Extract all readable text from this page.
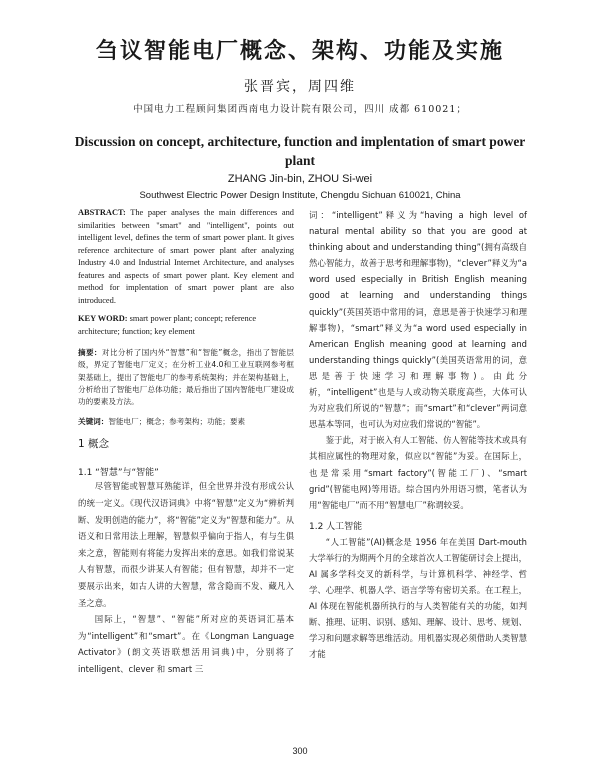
刍议智能电厂概念、架构、功能及实施
张晋宾，周四维
中国电力工程顾问集团西南电力设计院有限公司，四川 成都 610021；
Discussion on concept, architecture, function and implentation of smart power plant
ZHANG Jin-bin, ZHOU Si-wei
Southwest Electric Power Design Institute, Chengdu Sichuan 610021, China

ABSTRACT: The paper analyses the main differences and similarities between "smart" and "intelligent", points out intelligent level, defines the term of smart power plant. It gives reference architecture of smart power plant after analyzing Industry 4.0 and Industrial Internet Architecture, and analyses features and aspects of smart power plant. Key element and method for implentation of smart power plant are also introduced.

KEY WORD: smart power plant; concept; reference architecture; function; key element

摘要：对比分析了国内外“智慧”和“智能”概念，指出了智能层级，界定了智能电厂定义；在分析工业4.0和工业互联网参考框架基础上，提出了智能电厂的参考系统架构；并在架构基础上，分析给出了智能电厂总体功能；最后指出了国内智能电厂建设成功的要素及方法。

关键词：智能电厂；概念；参考架构；功能；要素

1 概念
1.1 “智慧”与“智能”

尽管智能或智慧耳熟能详，但全世界并没有形成公认的统一定义。《现代汉语词典》中将“智慧”定义为“辨析判断、发明创造的能力”，将“智能”定义为“智慧和能力”。从语义和日常用法上理解，智慧似乎偏向于指人，有与生俱来之意，智能则有将能力发挥出来的意思。如我们常说某人有智慧，而很少讲某人有智能；但有智慧，却并不一定要展示出来，如古人讲的大智慧，常含隐而不发、藏凡入圣之意。

国际上，“智慧”、“智能”所对应的英语词汇基本为“intelligent”和“smart”。在《Longman Language Activator》(朗文英语联想活用词典)中，分别将了 intelligent、clever 和 smart 三

词：“intelligent”释义为“having a high level of natural mental ability so that you are good at thinking about and understanding thing”(拥有高级自然心智能力，故善于思考和理解事物)，“clever”释义为“a word used especially in British English meaning good at learning and understanding things quickly”(英国英语中常用的词，意思是善于快速学习和理解事物)，“smart”释义为“a word used especially in American English meaning good at learning and understanding things quickly”(美国英语常用的词，意思是善于快速学习和理解事物)。由此分析，“intelligent”也是与人或动物关联度高些，大体可认为对应我们所说的“智慧”；而“smart”和“clever”两词意思基本等同，也可认为对应我们常说的“智能”。

鉴于此，对于嵌入有人工智能、仿人智能等技术或具有其相应属性的物理对象，似应以“智能”为妥。在国际上，也是常采用“smart factory”(智能工厂)、“smart grid”(智能电网)等用语。综合国内外用语习惯，笔者认为用“智能电厂”而不用“智慧电厂”称谓较妥。

1.2 人工智能

“人工智能”(AI)概念是 1956 年在美国 Dart-mouth 大学举行的为期两个月的全球首次人工智能研讨会上提出，AI 属多学科交叉的新科学，与计算机科学、神经学、哲学、心理学、机器人学、语言学等有密切关系。在工程上，AI 体现在智能机器所执行的与人类智能有关的功能，如判断、推理、证明、识别、感知、理解、设计、思考、规划、学习和问题求解等思维活动。用机器实现必须借助人类智慧才能

300
